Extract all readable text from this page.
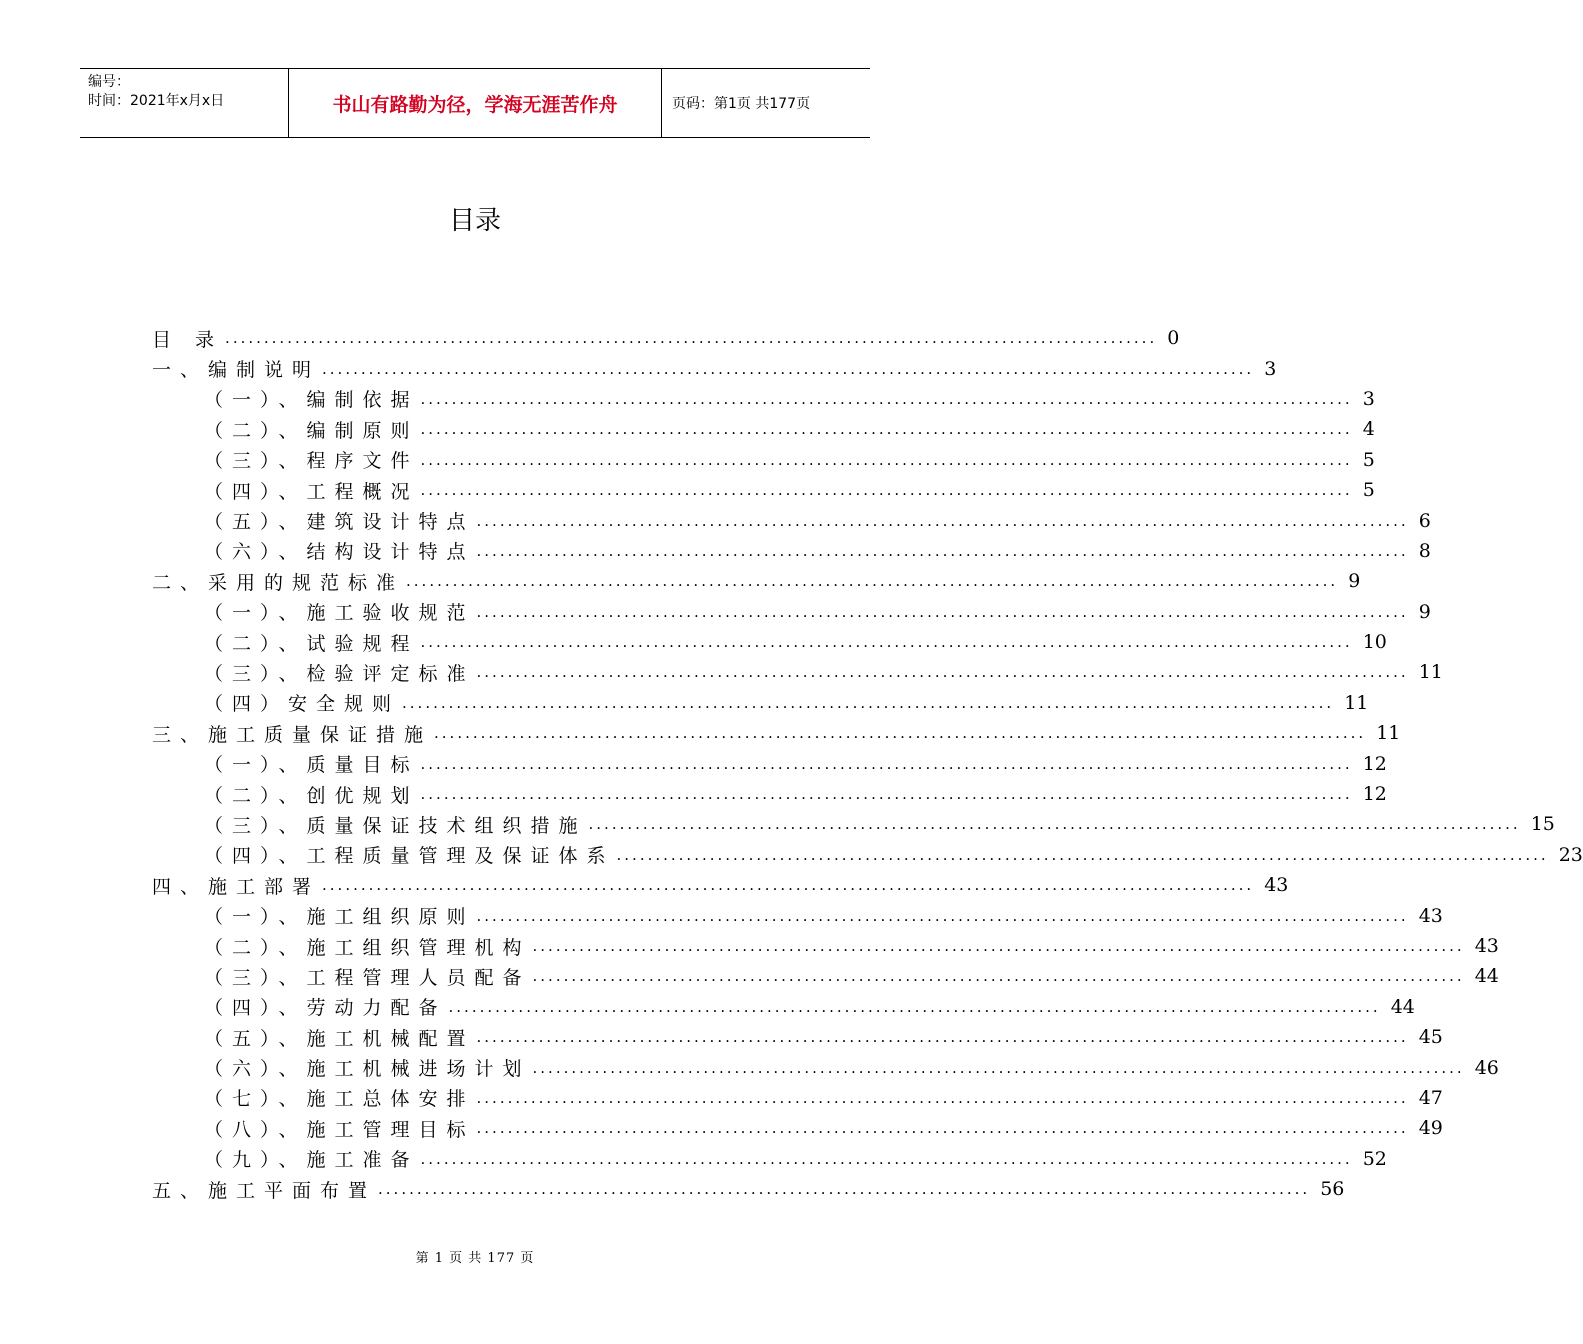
编号：
时间：2021年x月x日	书山有路勤为径，学海无涯苦作舟	页码：第1页 共177页
目录
目 录 ........................................................................................................................ 0
一、编制说明 ........................................................................................................................ 3
（一）、编制依据 ........................................................................................................................ 3
（二）、编制原则 ........................................................................................................................ 4
（三）、程序文件 ........................................................................................................................ 5
（四）、工程概况 ........................................................................................................................ 5
（五）、建筑设计特点 ........................................................................................................................ 6
（六）、结构设计特点 ........................................................................................................................ 8
二、采用的规范标准 ........................................................................................................................ 9
（一）、施工验收规范 ........................................................................................................................ 9
（二）、试验规程 ........................................................................................................................ 10
（三）、检验评定标准 ........................................................................................................................ 11
（四）安全规则 ........................................................................................................................ 11
三、施工质量保证措施 ........................................................................................................................ 11
（一）、质量目标 ........................................................................................................................ 12
（二）、创优规划 ........................................................................................................................ 12
（三）、质量保证技术组织措施 ........................................................................................................................ 15
（四）、工程质量管理及保证体系 ........................................................................................................................ 23
四、施工部署 ........................................................................................................................ 43
（一）、施工组织原则 ........................................................................................................................ 43
（二）、施工组织管理机构 ........................................................................................................................ 43
（三）、工程管理人员配备 ........................................................................................................................ 44
（四）、劳动力配备 ........................................................................................................................ 44
（五）、施工机械配置 ........................................................................................................................ 45
（六）、施工机械进场计划 ........................................................................................................................ 46
（七）、施工总体安排 ........................................................................................................................ 47
（八）、施工管理目标 ........................................................................................................................ 49
（九）、施工准备 ........................................................................................................................ 52
五、施工平面布置 ........................................................................................................................ 56
第 1 页 共 177 页
